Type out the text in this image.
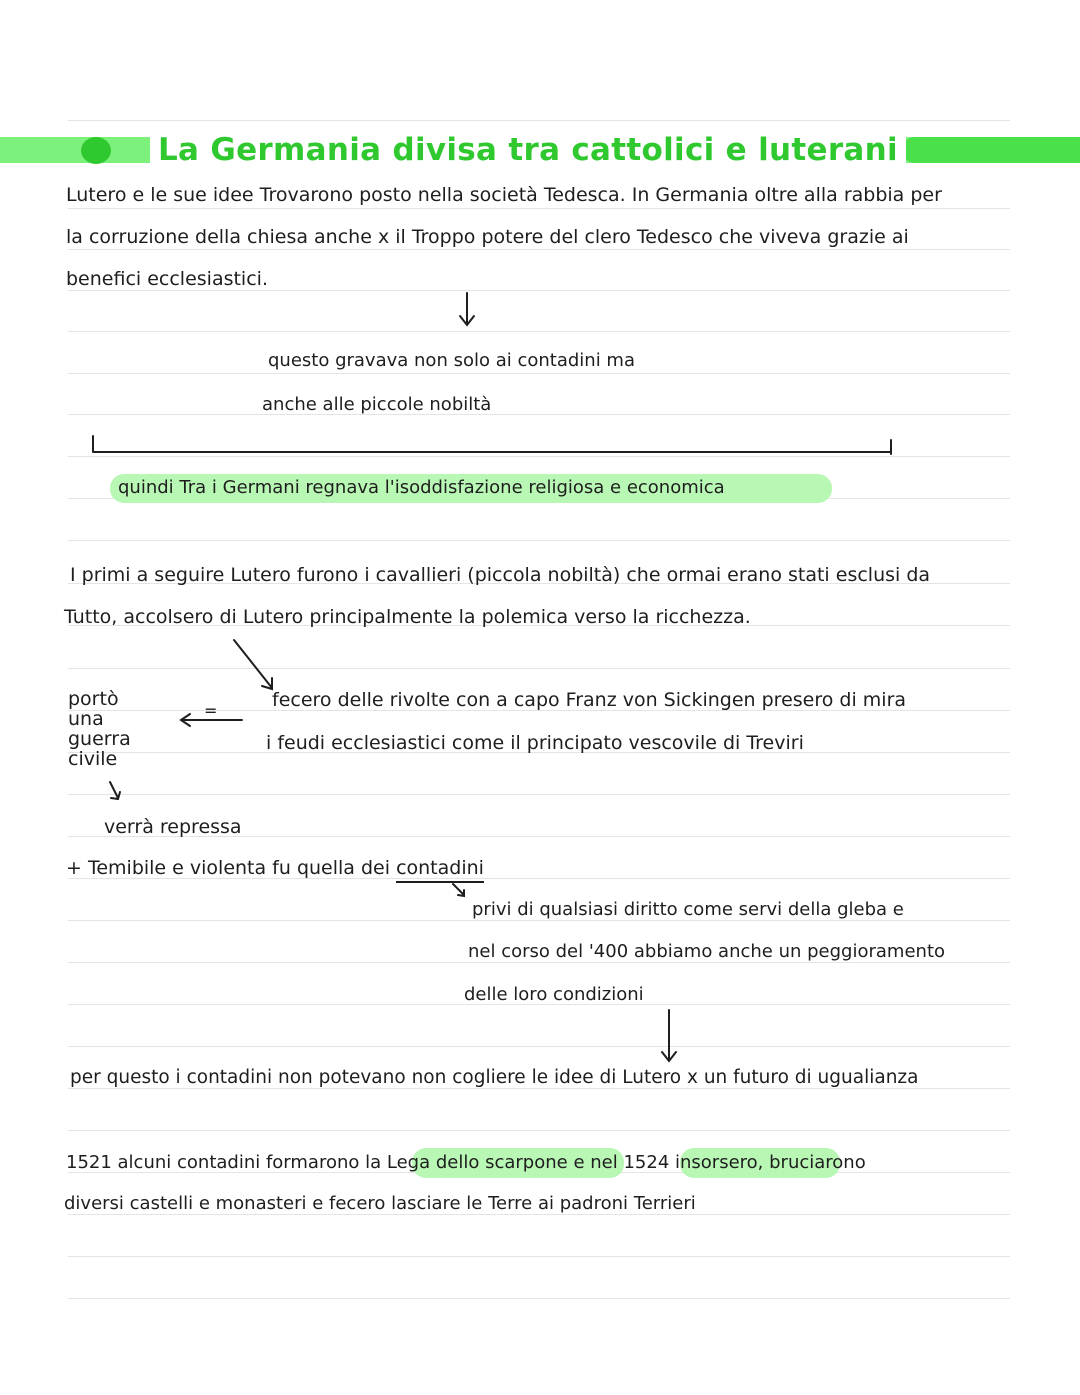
La Germania divisa tra cattolici e luterani
Lutero e le sue idee Trovarono posto nella società Tedesca. In Germania oltre alla rabbia per
la corruzione della chiesa anche x il Troppo potere del clero Tedesco che viveva grazie ai
benefici ecclesiastici.
questo gravava non solo ai contadini ma
anche alle piccole nobiltà
quindi Tra i Germani regnava l'isoddisfazione religiosa e economica
I primi a seguire Lutero furono i cavallieri (piccola nobiltà) che ormai erano stati esclusi da
Tutto, accolsero di Lutero principalmente la polemica verso la ricchezza.
fecero delle rivolte con a capo Franz von Sickingen presero di mira
i feudi ecclesiastici come il principato vescovile di Treviri
=
portò
una
guerra
civile
verrà repressa
+ Temibile e violenta fu quella dei contadini
privi di qualsiasi diritto come servi della gleba e
nel corso del '400 abbiamo anche un peggioramento
delle loro condizioni
per questo i contadini non potevano non cogliere le idee di Lutero x un futuro di ugualianza
1521 alcuni contadini formarono la Lega dello scarpone e nel 1524 insorsero, bruciarono
diversi castelli e monasteri e fecero lasciare le Terre ai padroni Terrieri
